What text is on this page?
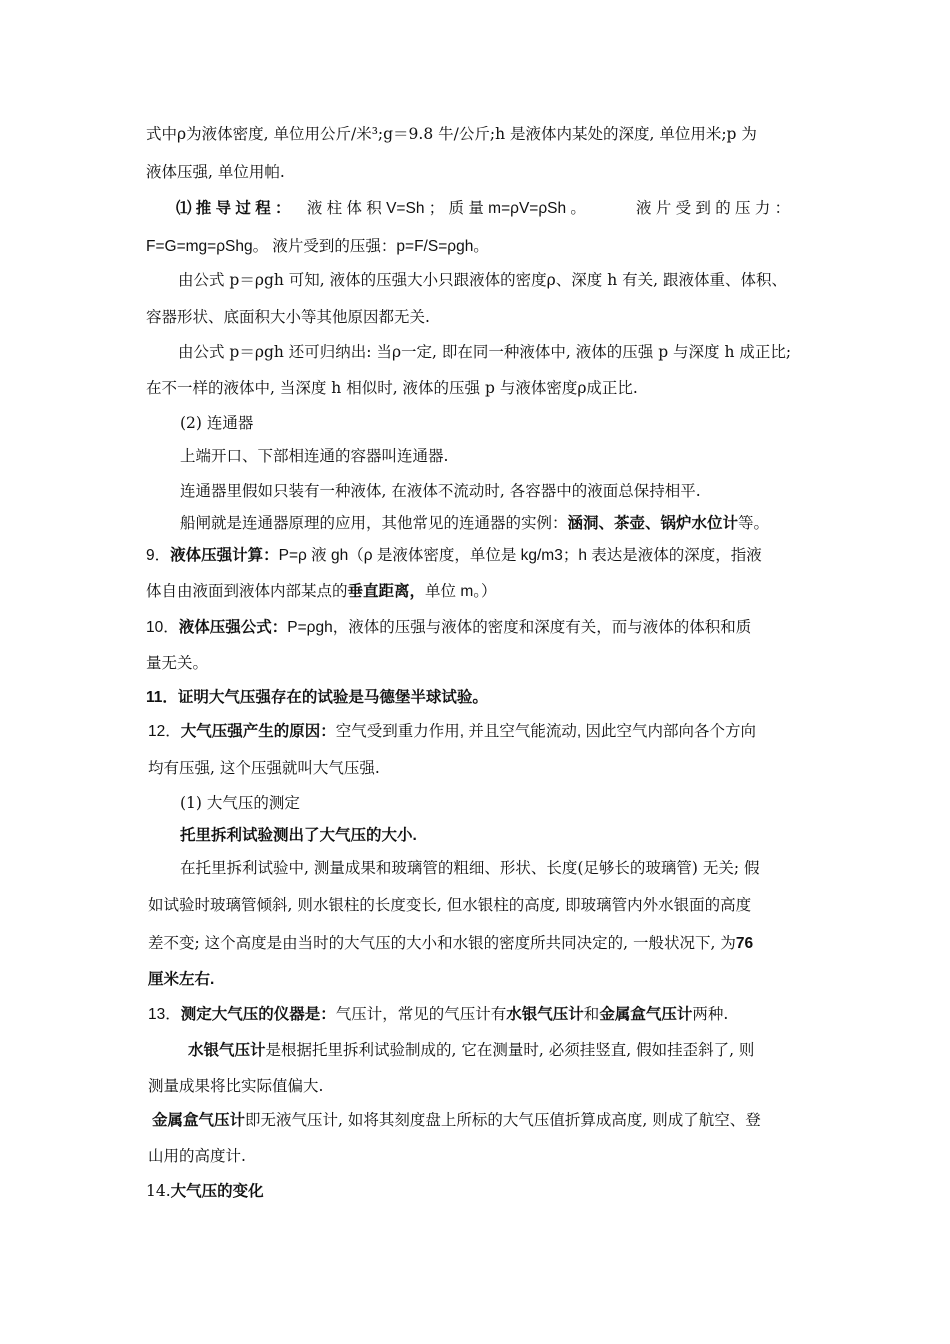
式中ρ为液体密度, 单位用公斤/米³;g＝9.8 牛/公斤;h 是液体内某处的深度, 单位用米;p 为
液体压强, 单位用帕.
⑴ 推 导 过 程 ： 液 柱 体 积 V=Sh ； 质 量 m=ρV=ρSh 。	液 片 受 到 的 压 力 ：
F=G=mg=ρShg。 液片受到的压强：p=F/S=ρgh。
由公式 p＝ρgh 可知, 液体的压强大小只跟液体的密度ρ、深度 h 有关, 跟液体重、体积、
容器形状、底面积大小等其他原因都无关.
由公式 p＝ρgh 还可归纳出: 当ρ一定, 即在同一种液体中, 液体的压强 p 与深度 h 成正比;
在不一样的液体中, 当深度 h 相似时, 液体的压强 p 与液体密度ρ成正比.
(2) 连通器
上端开口、下部相连通的容器叫连通器.
连通器里假如只装有一种液体, 在液体不流动时, 各容器中的液面总保持相平.
船闸就是连通器原理的应用，其他常见的连通器的实例：涵洞、茶壶、锅炉水位计等。
9．液体压强计算：P=ρ 液 gh（ρ 是液体密度，单位是 kg/m3；h 表达是液体的深度，指液
体自由液面到液体内部某点的垂直距离，单位 m。）
10．液体压强公式：P=ρgh，液体的压强与液体的密度和深度有关，而与液体的体积和质
量无关。
11．证明大气压强存在的试验是马德堡半球试验。
12．大气压强产生的原因：空气受到重力作用, 并且空气能流动, 因此空气内部向各个方向
均有压强, 这个压强就叫大气压强.
(1) 大气压的测定
托里拆利试验测出了大气压的大小.
在托里拆利试验中, 测量成果和玻璃管的粗细、形状、长度(足够长的玻璃管) 无关; 假
如试验时玻璃管倾斜, 则水银柱的长度变长, 但水银柱的高度, 即玻璃管内外水银面的高度
差不变; 这个高度是由当时的大气压的大小和水银的密度所共同决定的, 一般状况下, 为76
厘米左右.
13．测定大气压的仪器是：气压计，常见的气压计有水银气压计和金属盒气压计两种.
水银气压计是根据托里拆利试验制成的, 它在测量时, 必须挂竖直, 假如挂歪斜了, 则
测量成果将比实际值偏大.
金属盒气压计即无液气压计, 如将其刻度盘上所标的大气压值折算成高度, 则成了航空、登
山用的高度计.
14.大气压的变化
